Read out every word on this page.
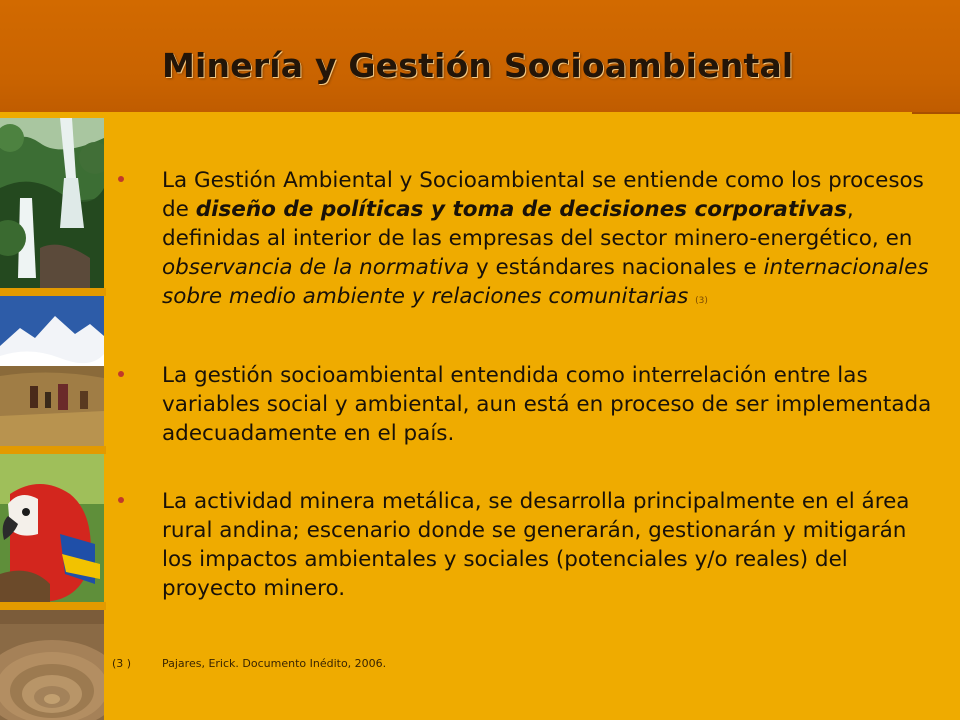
Minería y Gestión Socioambiental

La Gestión Ambiental y Socioambiental se entiende como los procesos de diseño de políticas y toma de decisiones corporativas, definidas al interior de las empresas del sector minero-energético, en observancia de la normativa y estándares nacionales e internacionales sobre medio ambiente y relaciones comunitarias (3)

La gestión socioambiental entendida como interrelación entre las variables social y ambiental, aun está en proceso de ser implementada adecuadamente en el país.

La actividad minera metálica, se desarrolla principalmente en el área rural andina; escenario donde se generarán, gestionarán y mitigarán los impactos ambientales y sociales (potenciales y/o reales) del proyecto minero.

(3 )	Pajares, Erick. Documento Inédito, 2006.
